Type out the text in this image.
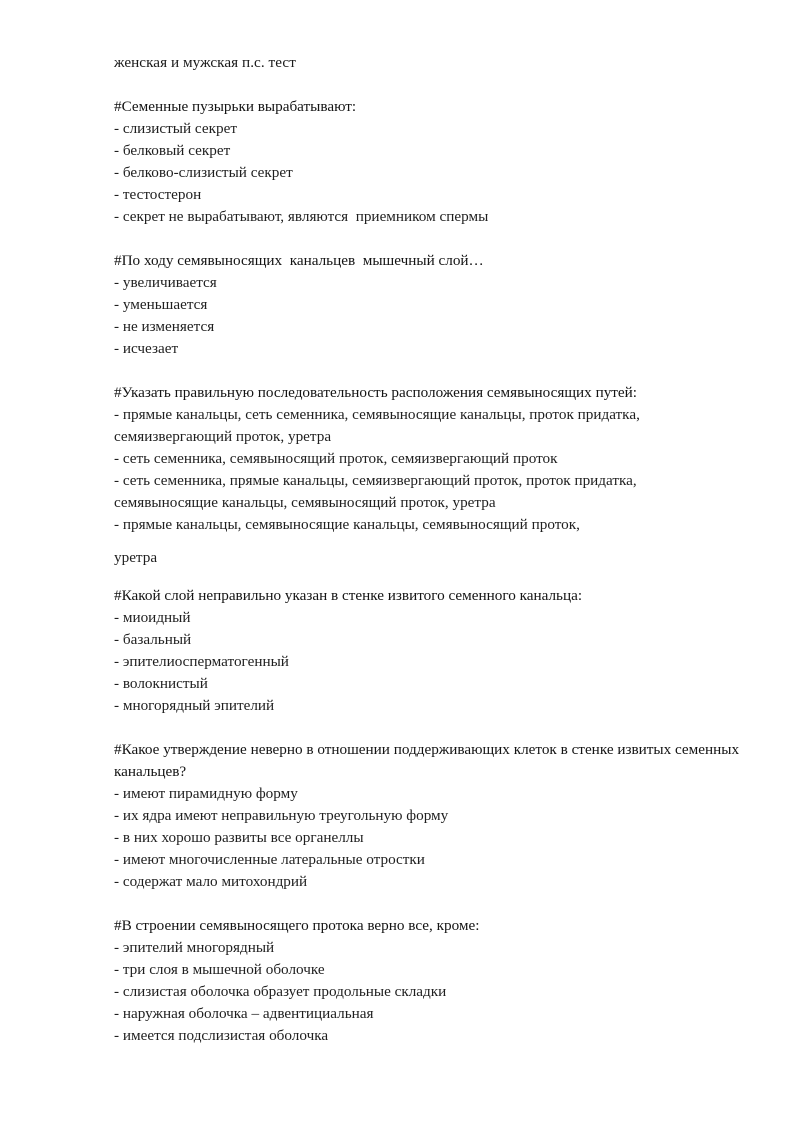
женская и мужская п.с. тест
#Семенные пузырьки вырабатывают:
- слизистый секрет
- белковый секрет
- белково-слизистый секрет
- тестостерон
- секрет не вырабатывают, являются  приемником спермы
#По ходу семявыносящих  канальцев  мышечный слой…
- увеличивается
- уменьшается
- не изменяется
- исчезает
#Указать правильную последовательность расположения семявыносящих путей:
- прямые канальцы, сеть семенника, семявыносящие канальцы, проток придатка, семяизвергающий проток, уретра
- сеть семенника, семявыносящий проток, семяизвергающий проток
- сеть семенника, прямые канальцы, семяизвергающий проток, проток придатка, семявыносящие канальцы, семявыносящий проток, уретра
- прямые канальцы, семявыносящие канальцы, семявыносящий проток,
уретра
#Какой слой неправильно указан в стенке извитого семенного канальца:
- миоидный
- базальный
- эпителиосперматогенный
- волокнистый
- многорядный эпителий
#Какое утверждение неверно в отношении поддерживающих клеток в стенке извитых семенных канальцев?
- имеют пирамидную форму
- их ядра имеют неправильную треугольную форму
- в них хорошо развиты все органеллы
- имеют многочисленные латеральные отростки
- содержат мало митохондрий
#В строении семявыносящего протока верно все, кроме:
- эпителий многорядный
- три слоя в мышечной оболочке
- слизистая оболочка образует продольные складки
- наружная оболочка – адвентициальная
- имеется подслизистая оболочка
